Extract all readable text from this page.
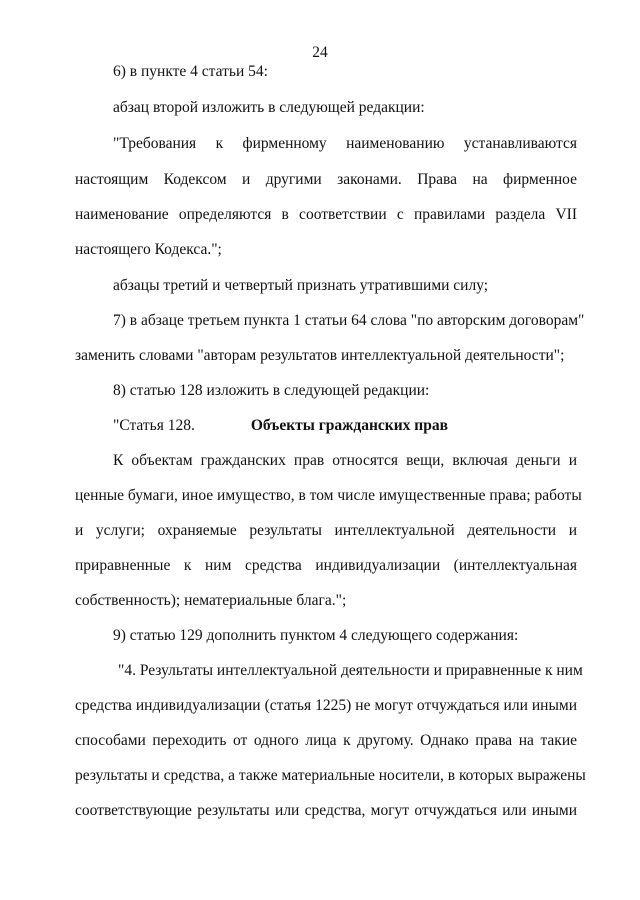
24
6) в пункте 4 статьи 54:
абзац второй изложить в следующей редакции:
"Требования к фирменному наименованию устанавливаются
настоящим Кодексом и другими законами. Права на фирменное
наименование определяются в соответствии с правилами раздела VII
настоящего Кодекса.";
абзацы третий и четвертый признать утратившими силу;
7) в абзаце третьем пункта 1 статьи 64 слова "по авторским договорам"
заменить словами "авторам результатов интеллектуальной деятельности";
8) статью 128 изложить в следующей редакции:
"Статья 128.	Объекты гражданских прав
К объектам гражданских прав относятся вещи, включая деньги и
ценные бумаги, иное имущество, в том числе имущественные права; работы
и услуги; охраняемые результаты интеллектуальной деятельности и
приравненные к ним средства индивидуализации (интеллектуальная
собственность); нематериальные блага.";
9) статью 129 дополнить пунктом 4 следующего содержания:
"4. Результаты интеллектуальной деятельности и приравненные к ним
средства индивидуализации (статья 1225) не могут отчуждаться или иными
способами переходить от одного лица к другому. Однако права на такие
результаты и средства, а также материальные носители, в которых выражены
соответствующие результаты или средства, могут отчуждаться или иными
